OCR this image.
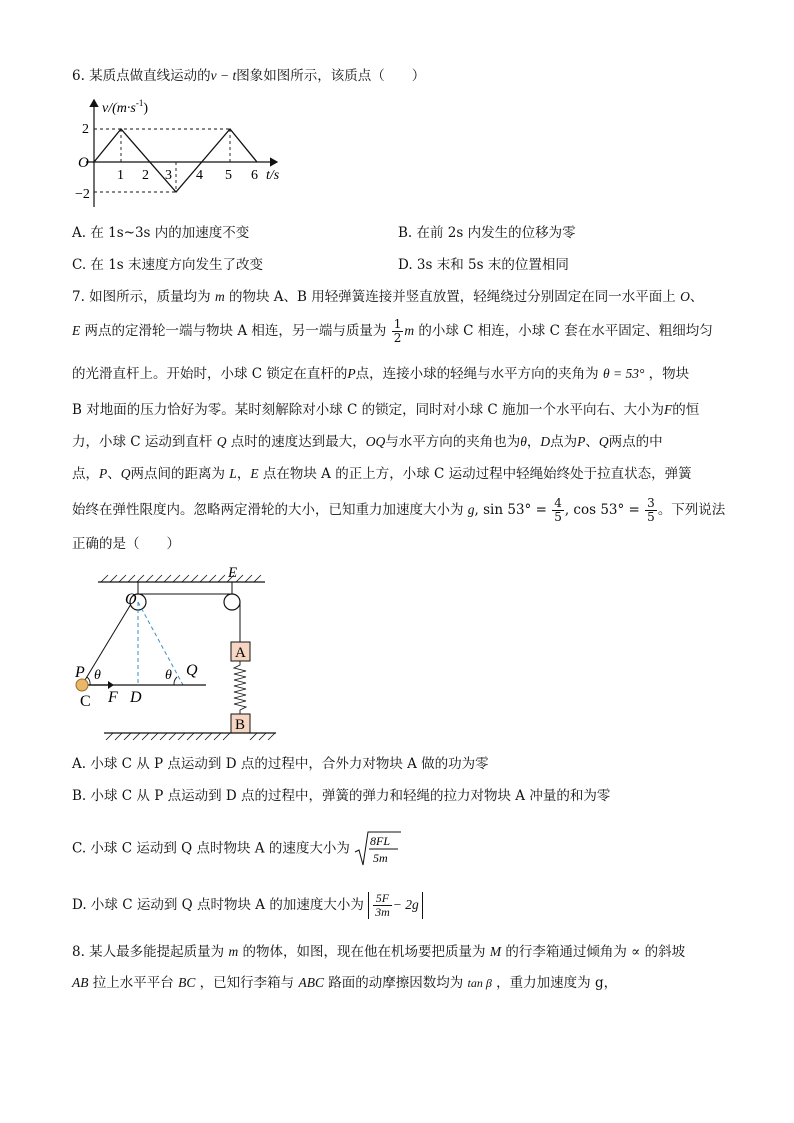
6. 某质点做直线运动的v − t图象如图所示，该质点（　　）
$v/(m\cdot s^{-1})$
2
−2
O
1 2 3 4 5 6 t/s
A. 在 1s~3s 内的加速度不变	B. 在前 2s 内发生的位移为零
C. 在 1s 末速度方向发生了改变	D. 3s 末和 5s 末的位置相同
7. 如图所示，质量均为 m 的物块 A、B 用轻弹簧连接并竖直放置，轻绳绕过分别固定在同一水平面上 O、
E 两点的定滑轮一端与物块 A 相连，另一端与质量为 $\frac{1}{2}$ m 的小球 C 相连，小球 C 套在水平固定、粗细均匀
的光滑直杆上。开始时，小球 C 锁定在直杆的P点，连接小球的轻绳与水平方向的夹角为 θ = 53° ，物块
B 对地面的压力恰好为零。某时刻解除对小球 C 的锁定，同时对小球 C 施加一个水平向右、大小为F的恒
力，小球 C 运动到直杆 Q 点时的速度达到最大，OQ与水平方向的夹角也为θ，D点为P、Q两点的中
点，P、Q两点间的距离为 L，E 点在物块 A 的正上方，小球 C 运动过程中轻绳始终处于拉直状态，弹簧
始终在弹性限度内。忽略两定滑轮的大小，已知重力加速度大小为 g, $\sin 53^\circ = \frac{4}{5}$ , $\cos 53^\circ = \frac{3}{5}$ 。下列说法
正确的是（　　）
O
E
A
B
P θ
C F D
θ Q
A. 小球 C 从 P 点运动到 D 点的过程中，合外力对物块 A 做的功为零
B. 小球 C 从 P 点运动到 D 点的过程中，弹簧的弹力和轻绳的拉力对物块 A 冲量的和为零
C. 小球 C 运动到 Q 点时物块 A 的速度大小为 8FL
5m
D. 小球 C 运动到 Q 点时物块 A 的加速度大小为 $\frac{5F}{3m} - 2g$
8. 某人最多能提起质量为 m 的物体，如图，现在他在机场要把质量为 M 的行李箱通过倾角为 ∝ 的斜坡
AB 拉上水平平台 BC ，已知行李箱与 ABC 路面的动摩擦因数均为 tan β ，重力加速度为 g，
